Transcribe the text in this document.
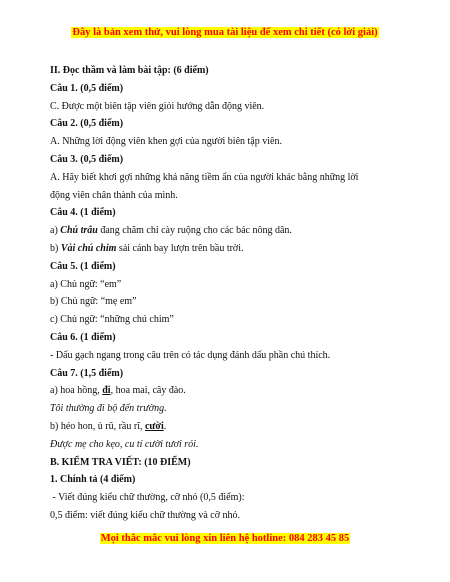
Đây là bản xem thử, vui lòng mua tài liệu để xem chi tiết (có lời giải)
II. Đọc thầm và làm bài tập: (6 điểm)
Câu 1. (0,5 điểm)
C. Được một biên tập viên giỏi hướng dẫn động viên.
Câu 2. (0,5 điểm)
A. Những lời động viên khen gợi của người biên tập viên.
Câu 3. (0,5 điểm)
A. Hãy biết khơi gợi những khả năng tiềm ẩn của người khác bằng những lời
động viên chân thành của mình.
Câu 4. (1 điểm)
a) Chú trâu đang chăm chỉ cày ruộng cho các bác nông dân.
b) Vài chú chim sải cánh bay lượn trên bầu trời.
Câu 5. (1 điểm)
a) Chủ ngữ: “em”
b) Chủ ngữ: “mẹ em”
c) Chủ ngữ: “những chú chim”
Câu 6. (1 điểm)
- Dấu gạch ngang trong câu trên có tác dụng đánh dấu phần chú thích.
Câu 7. (1,5 điểm)
a) hoa hồng, đi, hoa mai, cây đào.
Tôi thường đi bộ đến trường.
b) héo hon, ủ rũ, rầu rĩ, cười.
Được mẹ cho kẹo, cu tí cười tươi rói.
B. KIỂM TRA VIẾT: (10 ĐIỂM)
1. Chính tả (4 điểm)
- Viết đúng kiểu chữ thường, cỡ nhỏ (0,5 điểm):
0,5 điểm: viết đúng kiểu chữ thường và cỡ nhỏ.
Mọi thắc mắc vui lòng xin liên hệ hotline: 084 283 45 85
